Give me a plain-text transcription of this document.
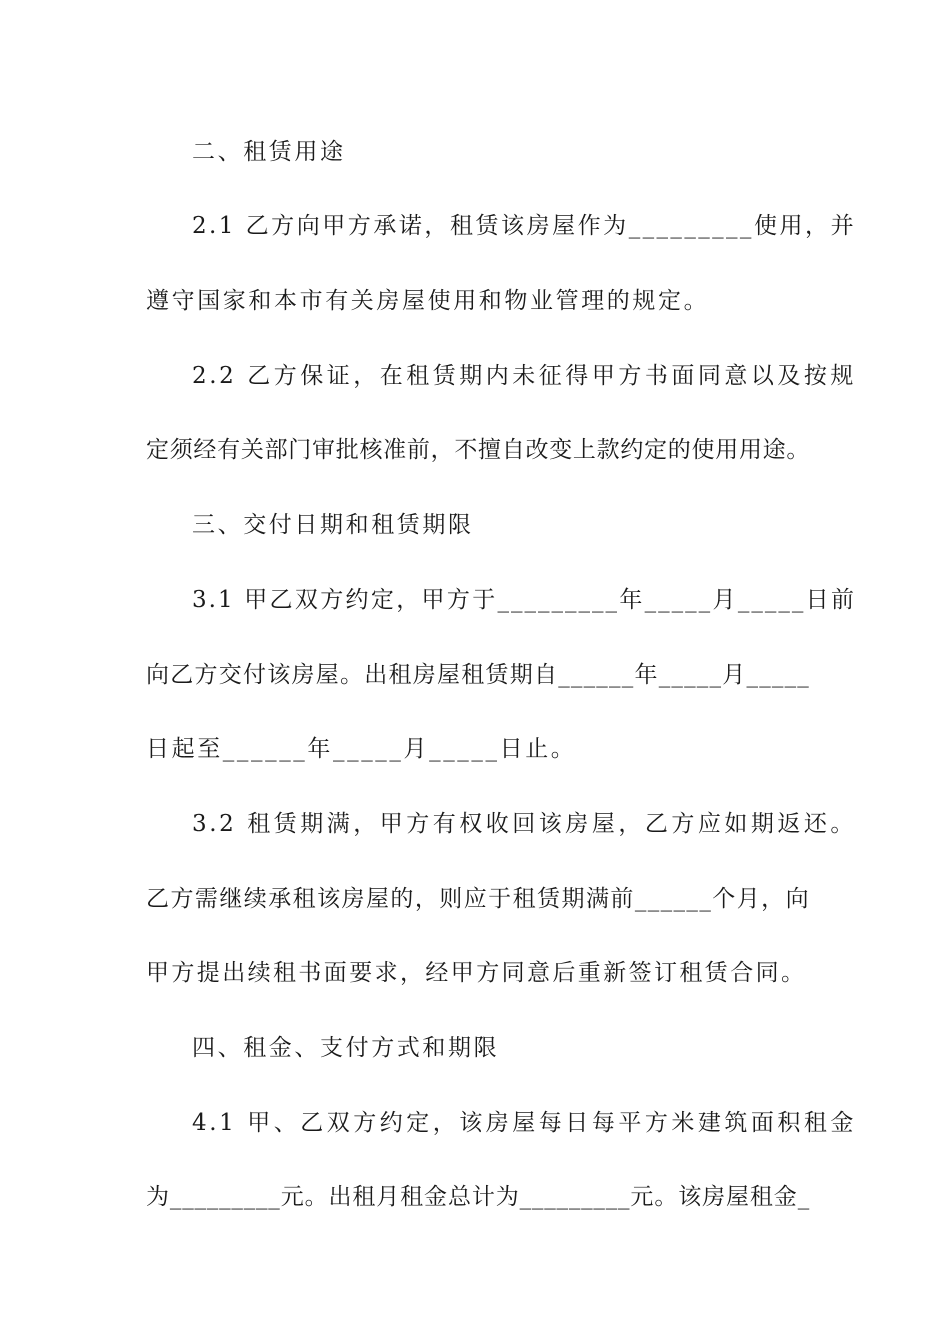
二、租赁用途
2.1 乙方向甲方承诺，租赁该房屋作为_________使用，并
遵守国家和本市有关房屋使用和物业管理的规定。
2.2 乙方保证，在租赁期内未征得甲方书面同意以及按规
定须经有关部门审批核准前，不擅自改变上款约定的使用用途。
三、交付日期和租赁期限
3.1 甲乙双方约定，甲方于_________年_____月_____日前
向乙方交付该房屋。出租房屋租赁期自______年_____月_____
日起至______年_____月_____日止。
3.2 租赁期满，甲方有权收回该房屋，乙方应如期返还。
乙方需继续承租该房屋的，则应于租赁期满前______个月，向
甲方提出续租书面要求，经甲方同意后重新签订租赁合同。
四、租金、支付方式和期限
4.1 甲、乙双方约定，该房屋每日每平方米建筑面积租金
为_________元。出租月租金总计为_________元。该房屋租金_
